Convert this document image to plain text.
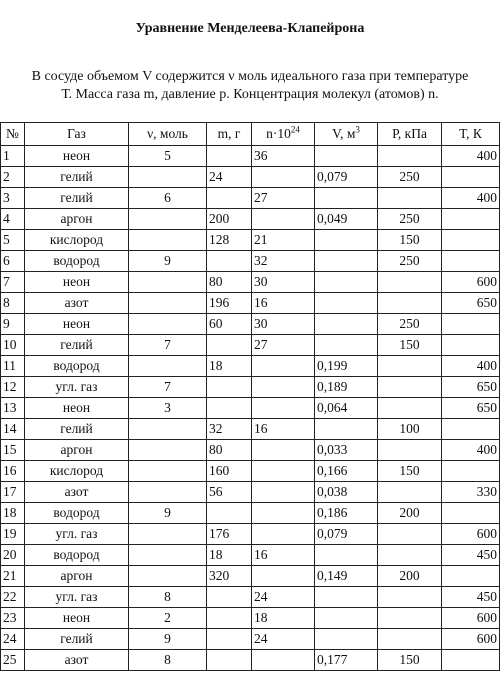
Уравнение Менделеева-Клапейрона
В сосуде объемом V содержится ν моль идеального газа при температуре
Т. Масса газа m, давление р. Концентрация молекул (атомов) n.
№	Газ	ν, моль	m, г	$n\cdot 10^{24}$	V, $м^3$	Р, кПа	Т, К
1	неон	5		36			400
2	гелий		24		0,079	250	
3	гелий	6		27			400
4	аргон		200		0,049	250	
5	кислород		128	21		150	
6	водород	9		32		250	
7	неон		80	30			600
8	азот		196	16			650
9	неон		60	30		250	
10	гелий	7		27		150	
11	водород		18		0,199		400
12	угл. газ	7			0,189		650
13	неон	3			0,064		650
14	гелий		32	16		100	
15	аргон		80		0,033		400
16	кислород		160		0,166	150	
17	азот		56		0,038		330
18	водород	9			0,186	200	
19	угл. газ		176		0,079		600
20	водород		18	16			450
21	аргон		320		0,149	200	
22	угл. газ	8		24			450
23	неон	2		18			600
24	гелий	9		24			600
25	азот	8			0,177	150	
